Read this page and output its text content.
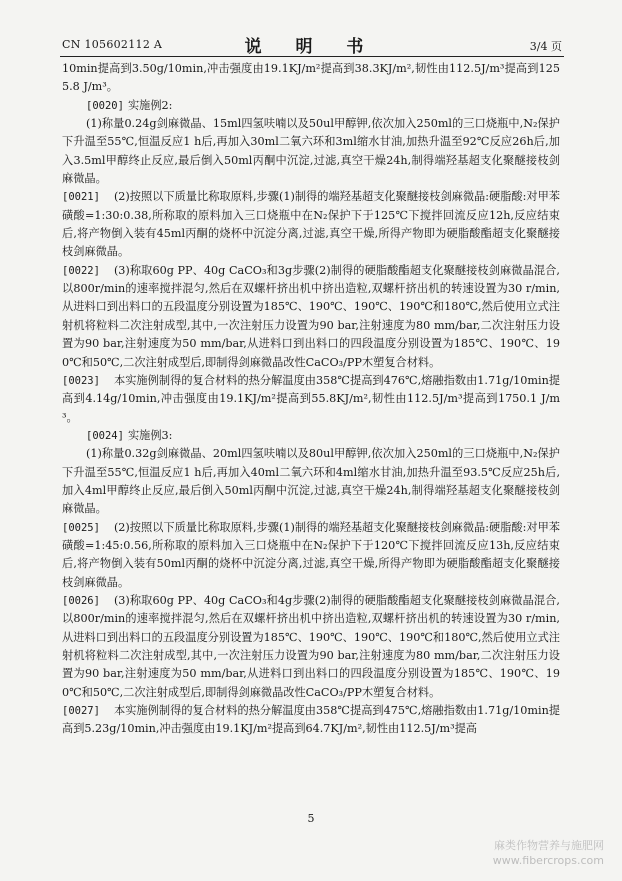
CN 105602112 A	说 明 书	3/4 页

10min提高到3.50g/10min,冲击强度由19.1KJ/m²提高到38.3KJ/m²,韧性由112.5J/m³提高到1255.8 J/m³。

[0020] 实施例2:

(1)称量0.24g剑麻微晶、15ml四氢呋喃以及50ul甲醇钾,依次加入250ml的三口烧瓶中,N₂保护下升温至55℃,恒温反应1 h后,再加入30ml二氧六环和3ml缩水甘油,加热升温至92℃反应26h后,加入3.5ml甲醇终止反应,最后倒入50ml丙酮中沉淀,过滤,真空干燥24h,制得端羟基超支化聚醚接枝剑麻微晶。

[0021] (2)按照以下质量比称取原料,步骤(1)制得的端羟基超支化聚醚接枝剑麻微晶:硬脂酸:对甲苯磺酸=1:30:0.38,所称取的原料加入三口烧瓶中在N₂保护下于125℃下搅拌回流反应12h,反应结束后,将产物倒入装有45ml丙酮的烧杯中沉淀分离,过滤,真空干燥,所得产物即为硬脂酸酯超支化聚醚接枝剑麻微晶。

[0022] (3)称取60g PP、40g CaCO₃和3g步骤(2)制得的硬脂酸酯超支化聚醚接枝剑麻微晶混合,以800r/min的速率搅拌混匀,然后在双螺杆挤出机中挤出造粒,双螺杆挤出机的转速设置为30 r/min,从进料口到出料口的五段温度分别设置为185℃、190℃、190℃、190℃和180℃,然后使用立式注射机将粒料二次注射成型,其中,一次注射压力设置为90 bar,注射速度为80 mm/bar,二次注射压力设置为90 bar,注射速度为50 mm/bar,从进料口到出料口的四段温度分别设置为185℃、190℃、190℃和50℃,二次注射成型后,即制得剑麻微晶改性CaCO₃/PP木塑复合材料。

[0023] 本实施例制得的复合材料的热分解温度由358℃提高到476℃,熔融指数由1.71g/10min提高到4.14g/10min,冲击强度由19.1KJ/m²提高到55.8KJ/m²,韧性由112.5J/m³提高到1750.1 J/m³。

[0024] 实施例3:

(1)称量0.32g剑麻微晶、20ml四氢呋喃以及80ul甲醇钾,依次加入250ml的三口烧瓶中,N₂保护下升温至55℃,恒温反应1 h后,再加入40ml二氧六环和4ml缩水甘油,加热升温至93.5℃反应25h后,加入4ml甲醇终止反应,最后倒入50ml丙酮中沉淀,过滤,真空干燥24h,制得端羟基超支化聚醚接枝剑麻微晶。

[0025] (2)按照以下质量比称取原料,步骤(1)制得的端羟基超支化聚醚接枝剑麻微晶:硬脂酸:对甲苯磺酸=1:45:0.56,所称取的原料加入三口烧瓶中在N₂保护下于120℃下搅拌回流反应13h,反应结束后,将产物倒入装有50ml丙酮的烧杯中沉淀分离,过滤,真空干燥,所得产物即为硬脂酸酯超支化聚醚接枝剑麻微晶。

[0026] (3)称取60g PP、40g CaCO₃和4g步骤(2)制得的硬脂酸酯超支化聚醚接枝剑麻微晶混合,以800r/min的速率搅拌混匀,然后在双螺杆挤出机中挤出造粒,双螺杆挤出机的转速设置为30 r/min,从进料口到出料口的五段温度分别设置为185℃、190℃、190℃、190℃和180℃,然后使用立式注射机将粒料二次注射成型,其中,一次注射压力设置为90 bar,注射速度为80 mm/bar,二次注射压力设置为90 bar,注射速度为50 mm/bar,从进料口到出料口的四段温度分别设置为185℃、190℃、190℃和50℃,二次注射成型后,即制得剑麻微晶改性CaCO₃/PP木塑复合材料。

[0027] 本实施例制得的复合材料的热分解温度由358℃提高到475℃,熔融指数由1.71g/10min提高到5.23g/10min,冲击强度由19.1KJ/m²提高到64.7KJ/m²,韧性由112.5J/m³提高

5
麻类作物营养与施肥网
www.fibercrops.com
